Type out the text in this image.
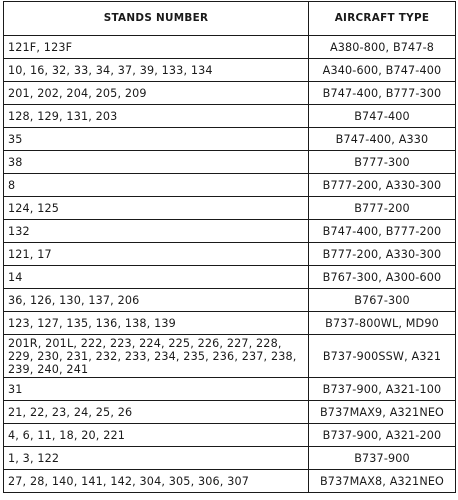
STANDS NUMBER	AIRCRAFT TYPE
121F, 123F	A380-800, B747-8
10, 16, 32, 33, 34, 37, 39, 133, 134	A340-600, B747-400
201, 202, 204, 205, 209	B747-400, B777-300
128, 129, 131, 203	B747-400
35	B747-400, A330
38	B777-300
8	B777-200, A330-300
124, 125	B777-200
132	B747-400, B777-200
121, 17	B777-200, A330-300
14	B767-300, A300-600
36, 126, 130, 137, 206	B767-300
123, 127, 135, 136, 138, 139	B737-800WL, MD90
201R, 201L, 222, 223, 224, 225, 226, 227, 228, 229, 230, 231, 232, 233, 234, 235, 236, 237, 238, 239, 240, 241	B737-900SSW, A321
31	B737-900, A321-100
21, 22, 23, 24, 25, 26	B737MAX9, A321NEO
4, 6, 11, 18, 20, 221	B737-900, A321-200
1, 3, 122	B737-900
27, 28, 140, 141, 142, 304, 305, 306, 307	B737MAX8, A321NEO
